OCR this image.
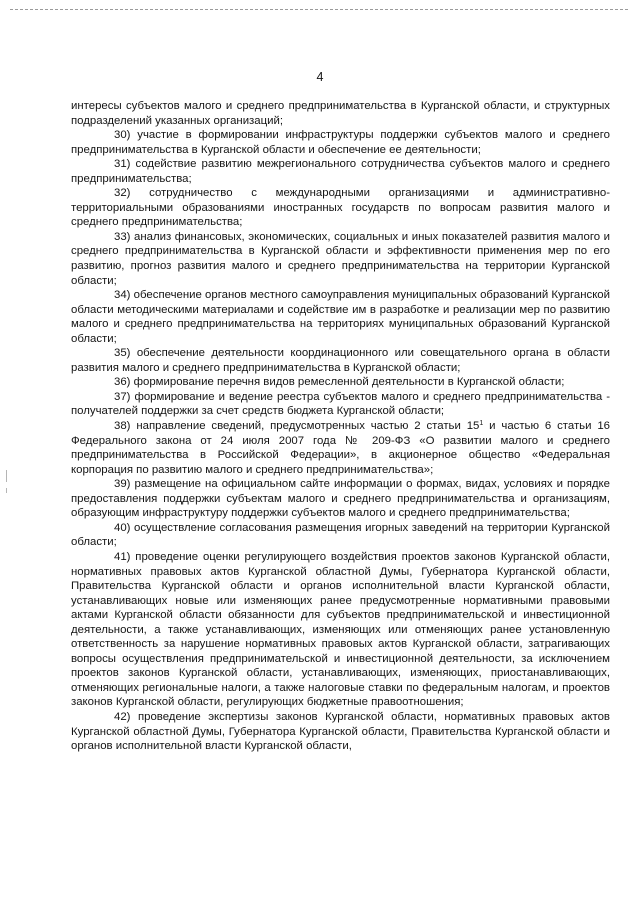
4

интересы субъектов малого и среднего предпринимательства в Курганской области, и структурных подразделений указанных организаций;

30) участие в формировании инфраструктуры поддержки субъектов малого и среднего предпринимательства в Курганской области и обеспечение ее деятельности;

31) содействие развитию межрегионального сотрудничества субъектов малого и среднего предпринимательства;

32) сотрудничество с международными организациями и административно-территориальными образованиями иностранных государств по вопросам развития малого и среднего предпринимательства;

33) анализ финансовых, экономических, социальных и иных показателей развития малого и среднего предпринимательства в Курганской области и эффективности применения мер по его развитию, прогноз развития малого и среднего предпринимательства на территории Курганской области;

34) обеспечение органов местного самоуправления муниципальных образований Курганской области методическими материалами и содействие им в разработке и реализации мер по развитию малого и среднего предпринимательства на территориях муниципальных образований Курганской области;

35) обеспечение деятельности координационного или совещательного органа в области развития малого и среднего предпринимательства в Курганской области;

36) формирование перечня видов ремесленной деятельности в Курганской области;

37) формирование и ведение реестра субъектов малого и среднего предпринимательства - получателей поддержки за счет средств бюджета Курганской области;

38) направление сведений, предусмотренных частью 2 статьи $15^1$ и частью 6 статьи 16 Федерального закона от 24 июля 2007 года № 209-ФЗ «О развитии малого и среднего предпринимательства в Российской Федерации», в акционерное общество «Федеральная корпорация по развитию малого и среднего предпринимательства»;

39) размещение на официальном сайте информации о формах, видах, условиях и порядке предоставления поддержки субъектам малого и среднего предпринимательства и организациям, образующим инфраструктуру поддержки субъектов малого и среднего предпринимательства;

40) осуществление согласования размещения игорных заведений на территории Курганской области;

41) проведение оценки регулирующего воздействия проектов законов Курганской области, нормативных правовых актов Курганской областной Думы, Губернатора Курганской области, Правительства Курганской области и органов исполнительной власти Курганской области, устанавливающих новые или изменяющих ранее предусмотренные нормативными правовыми актами Курганской области обязанности для субъектов предпринимательской и инвестиционной деятельности, а также устанавливающих, изменяющих или отменяющих ранее установленную ответственность за нарушение нормативных правовых актов Курганской области, затрагивающих вопросы осуществления предпринимательской и инвестиционной деятельности, за исключением проектов законов Курганской области, устанавливающих, изменяющих, приостанавливающих, отменяющих региональные налоги, а также налоговые ставки по федеральным налогам, и проектов законов Курганской области, регулирующих бюджетные правоотношения;

42) проведение экспертизы законов Курганской области, нормативных правовых актов Курганской областной Думы, Губернатора Курганской области, Правительства Курганской области и органов исполнительной власти Курганской области,
